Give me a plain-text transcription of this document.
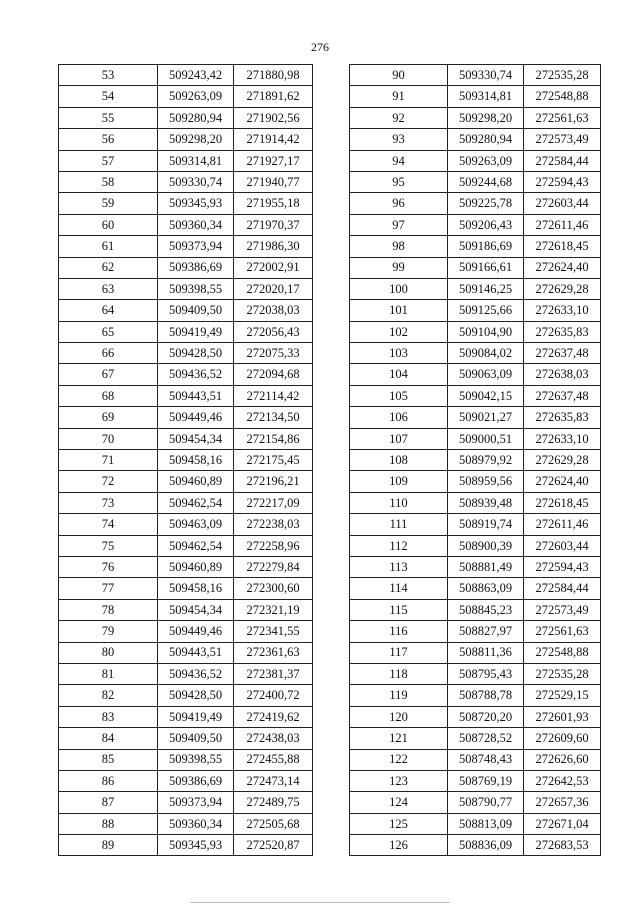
276
53	509243,42	271880,98
54	509263,09	271891,62
55	509280,94	271902,56
56	509298,20	271914,42
57	509314,81	271927,17
58	509330,74	271940,77
59	509345,93	271955,18
60	509360,34	271970,37
61	509373,94	271986,30
62	509386,69	272002,91
63	509398,55	272020,17
64	509409,50	272038,03
65	509419,49	272056,43
66	509428,50	272075,33
67	509436,52	272094,68
68	509443,51	272114,42
69	509449,46	272134,50
70	509454,34	272154,86
71	509458,16	272175,45
72	509460,89	272196,21
73	509462,54	272217,09
74	509463,09	272238,03
75	509462,54	272258,96
76	509460,89	272279,84
77	509458,16	272300,60
78	509454,34	272321,19
79	509449,46	272341,55
80	509443,51	272361,63
81	509436,52	272381,37
82	509428,50	272400,72
83	509419,49	272419,62
84	509409,50	272438,03
85	509398,55	272455,88
86	509386,69	272473,14
87	509373,94	272489,75
88	509360,34	272505,68
89	509345,93	272520,87
90	509330,74	272535,28
91	509314,81	272548,88
92	509298,20	272561,63
93	509280,94	272573,49
94	509263,09	272584,44
95	509244,68	272594,43
96	509225,78	272603,44
97	509206,43	272611,46
98	509186,69	272618,45
99	509166,61	272624,40
100	509146,25	272629,28
101	509125,66	272633,10
102	509104,90	272635,83
103	509084,02	272637,48
104	509063,09	272638,03
105	509042,15	272637,48
106	509021,27	272635,83
107	509000,51	272633,10
108	508979,92	272629,28
109	508959,56	272624,40
110	508939,48	272618,45
111	508919,74	272611,46
112	508900,39	272603,44
113	508881,49	272594,43
114	508863,09	272584,44
115	508845,23	272573,49
116	508827,97	272561,63
117	508811,36	272548,88
118	508795,43	272535,28
119	508788,78	272529,15
120	508720,20	272601,93
121	508728,52	272609,60
122	508748,43	272626,60
123	508769,19	272642,53
124	508790,77	272657,36
125	508813,09	272671,04
126	508836,09	272683,53
